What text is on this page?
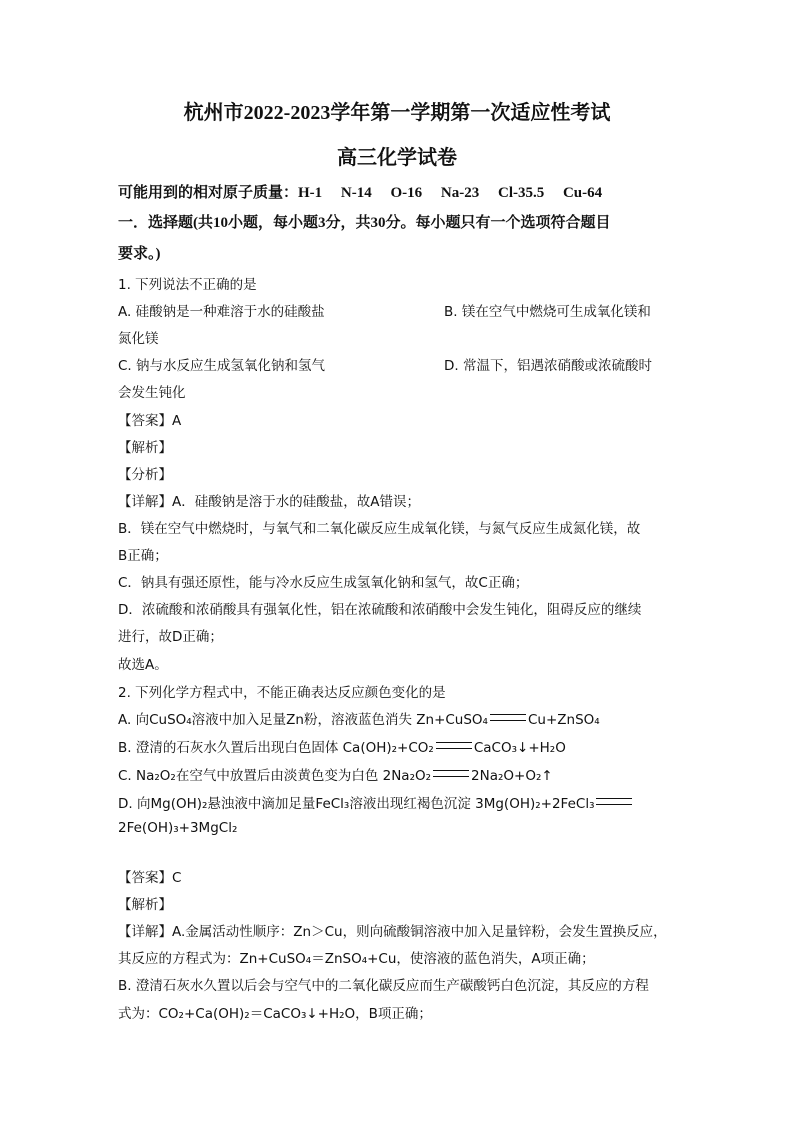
杭州市2022-2023学年第一学期第一次适应性考试
高三化学试卷
可能用到的相对原子质量：H-1　 N-14　 O-16　 Na-23　 Cl-35.5　 Cu-64
一．选择题(共10小题，每小题3分，共30分。每小题只有一个选项符合题目
要求。)
1. 下列说法不正确的是
A. 硅酸钠是一种难溶于水的硅酸盐	B. 镁在空气中燃烧可生成氧化镁和
氮化镁
C. 钠与水反应生成氢氧化钠和氢气	D. 常温下，铝遇浓硝酸或浓硫酸时
会发生钝化
【答案】A
【解析】
【分析】
【详解】A．硅酸钠是溶于水的硅酸盐，故A错误；
B．镁在空气中燃烧时，与氧气和二氧化碳反应生成氧化镁，与氮气反应生成氮化镁，故
B正确；
C．钠具有强还原性，能与冷水反应生成氢氧化钠和氢气，故C正确；
D．浓硫酸和浓硝酸具有强氧化性，铝在浓硫酸和浓硝酸中会发生钝化，阻碍反应的继续
进行，故D正确；
故选A。
2. 下列化学方程式中，不能正确表达反应颜色变化的是
A. 向CuSO₄溶液中加入足量Zn粉，溶液蓝色消失 Zn+CuSO₄	Cu+ZnSO₄
B. 澄清的石灰水久置后出现白色固体 Ca(OH)₂+CO₂	CaCO₃↓+H₂O
C. Na₂O₂在空气中放置后由淡黄色变为白色 2Na₂O₂	2Na₂O+O₂↑
D. 向Mg(OH)₂悬浊液中滴加足量FeCl₃溶液出现红褐色沉淀 3Mg(OH)₂+2FeCl₃
2Fe(OH)₃+3MgCl₂
【答案】C
【解析】
【详解】A.金属活动性顺序：Zn＞Cu，则向硫酸铜溶液中加入足量锌粉，会发生置换反应，
其反应的方程式为：Zn+CuSO₄＝ZnSO₄+Cu，使溶液的蓝色消失，A项正确；
B. 澄清石灰水久置以后会与空气中的二氧化碳反应而生产碳酸钙白色沉淀，其反应的方程
式为：CO₂+Ca(OH)₂＝CaCO₃↓+H₂O，B项正确；
